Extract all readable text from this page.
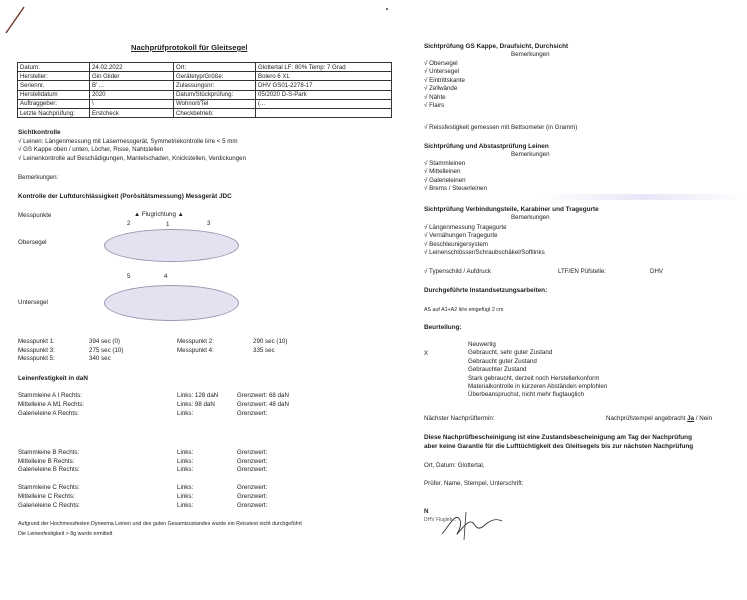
Nachprüfprotokoll für Gleitsegel
Datum:	24.02.2022	Ort:	Glottertal LF: 80% Temp: 7 Grad
Hersteller:	Gin Glider	Gerätetyp/Größe:	Bolero 6 XL
Seriennr.	B' ...	Zulassungsnr:	DHV GS01-2278-17
Herstelldatum	2020	Datum/Stückprüfung:	05/2020 D-S-Park
Auftraggeber:	\	Wohnort/Tel	(...
Letzte Nachprüfung:	Erstcheck	Checkbetrieb:	
Sichtkontrolle
√ Leinen: Längenmessung mit Lasermessgerät, Symmetriekontrolle li/re < 5 mm
√ GS Kappe oben / unten, Löcher, Risse, Nahtstellen
√ Leinenkontrolle auf Beschädigungen, Mantelschaden, Knickstellen, Verdickungen
Bemerkungen:
Kontrolle der Luftdurchlässigkeit (Porösitätsmessung) Messgerät JDC
Messpunkte	▲ Flugrichtung ▲
2	1	3
Obersegel
5	4
Untersegel
Messpunkt 1:	394 sec (0)	Messpunkt 2:	290 sec (10)
Messpunkt 3:	275 sec (10)	Messpunkt 4:	335 sec
Messpunkt 5:	340 sec
Leinenfestigkeit in daN
Stammleine A I Rechts:	Links: 128 daN	Grenzwert: 68 daN
Mittelleine A M1 Rechts:	Links: 98 daN	Grenzwert: 48 daN
Galerieleine A Rechts:	Links:	Grenzwert:
Stammleine B Rechts:	Links:	Grenzwert:
Mittelleine B Rechts:	Links:	Grenzwert:
Galerieleine B Rechts:	Links:	Grenzwert:
Stammleine C Rechts:	Links:	Grenzwert:
Mittelleine C Rechts:	Links:	Grenzwert:
Galerieleine C Rechts:	Links:	Grenzwert:
Aufgrund der Hochmessfesten Dyneema Leinen und des guten Gesamtzustandes wurde ein Reisstest nicht durchgeführt
Die Leinenfestigkeit > 8g wurde ermittelt
Sichtprüfung GS Kappe, Draufsicht, Durchsicht
Bemerkungen
√ Obersegel
√ Untersegel
√ Eintrittskante
√ Zellwände
√ Nähte
√ Flairs
√ Reissfestigkeit gemessen mit Bettsometer (in Gramm)
Sichtprüfung und Abstastprüfung Leinen
Bemerkungen
√ Stammleinen
√ Mittelleinen
√ Galerieleinen
√ Brems / Steuerleinen
Sichtprüfung Verbindungsteile, Karabiner und Tragegurte
Bemerkungen
√ Längenmessung Tragegurte
√ Vernähungen Tragegurte
√ Beschleunigersystem
√ Leinenschlösser/Schraubschäkel/Softlinks
√ Typenschild / Aufdruck	LTF/EN Püfstelle:	DHV
Durchgeführte Instandsetzungsarbeiten:
AS auf A1+A2 li/re eingefügt 2 cm
Beurteilung:
X
Neuwertig
Gebraucht, sehr guter Zustand
Gebraucht guter Zustand
Gebrauchter Zustand
Stark gebraucht, derzeit noch Herstellerkonform
Materialkontrolle in kürzeren Abständen empfohlen
Überbeanspruchst, nicht mehr flugtauglich
Nächster Nachprüftermin:	Nachprüfstempel angebracht Ja / Nein
Diese Nachprüfbescheinigung ist eine Zustandsbescheinigung am Tag der Nachprüfung
aber keine Garantie für die Lufttüchtigkeit des Gleitsegels bis zur nächsten Nachprüfung
Ort, Datum: Glottertal,
Prüfer, Name, Stempel, Unterschrift:
N
DHV Flugleh...
